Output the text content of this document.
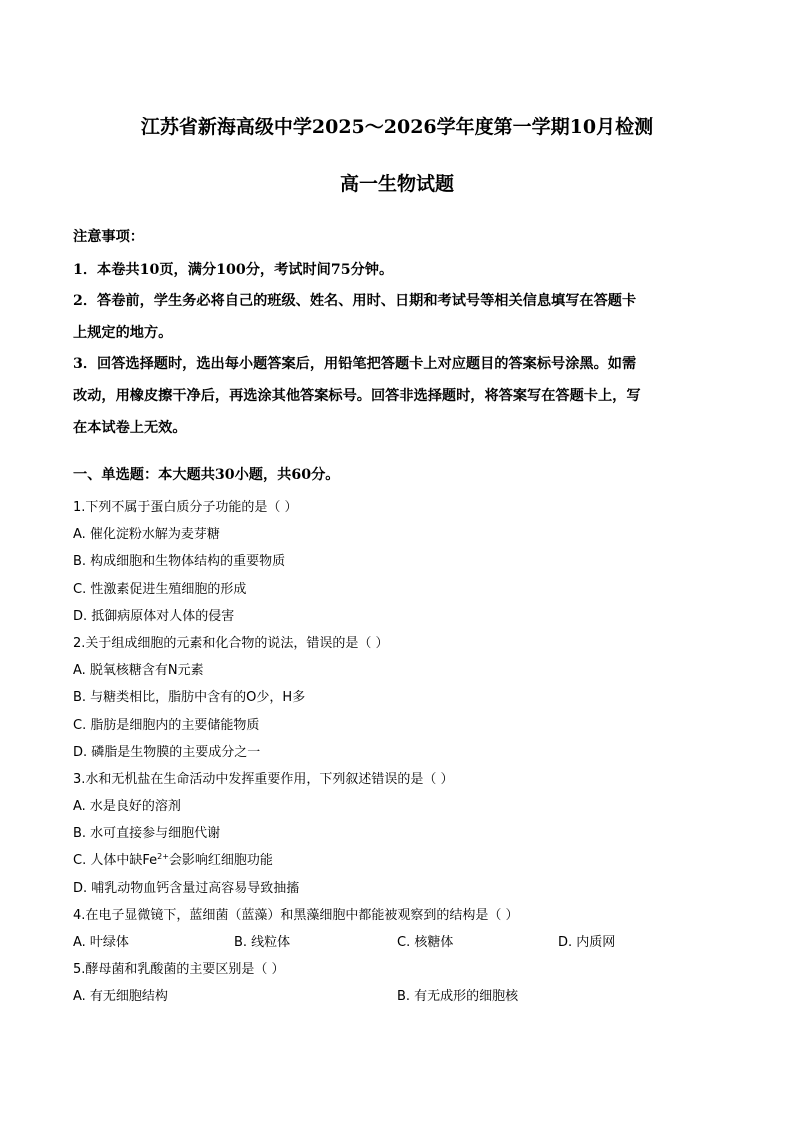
江苏省新海高级中学2025～2026学年度第一学期10月检测
高一生物试题

注意事项：

1．本卷共10页，满分100分，考试时间75分钟。

2．答卷前，学生务必将自己的班级、姓名、用时、日期和考试号等相关信息填写在答题卡

上规定的地方。

3．回答选择题时，选出每小题答案后，用铅笔把答题卡上对应题目的答案标号涂黑。如需

改动，用橡皮擦干净后，再选涂其他答案标号。回答非选择题时，将答案写在答题卡上，写

在本试卷上无效。

一、单选题：本大题共30小题，共60分。

1.下列不属于蛋白质分子功能的是（ ）
A. 催化淀粉水解为麦芽糖
B. 构成细胞和生物体结构的重要物质
C. 性激素促进生殖细胞的形成
D. 抵御病原体对人体的侵害
2.关于组成细胞的元素和化合物的说法，错误的是（ ）
A. 脱氧核糖含有N元素
B. 与糖类相比，脂肪中含有的O少，H多
C. 脂肪是细胞内的主要储能物质
D. 磷脂是生物膜的主要成分之一
3.水和无机盐在生命活动中发挥重要作用，下列叙述错误的是（ ）
A. 水是良好的溶剂
B. 水可直接参与细胞代谢
C. 人体中缺$Fe^{2+}$会影响红细胞功能
D. 哺乳动物血钙含量过高容易导致抽搐
4.在电子显微镜下，蓝细菌（蓝藻）和黑藻细胞中都能被观察到的结构是（ ）
A. 叶绿体	B. 线粒体	C. 核糖体	D. 内质网
5.酵母菌和乳酸菌的主要区别是（ ）
A. 有无细胞结构	B. 有无成形的细胞核
